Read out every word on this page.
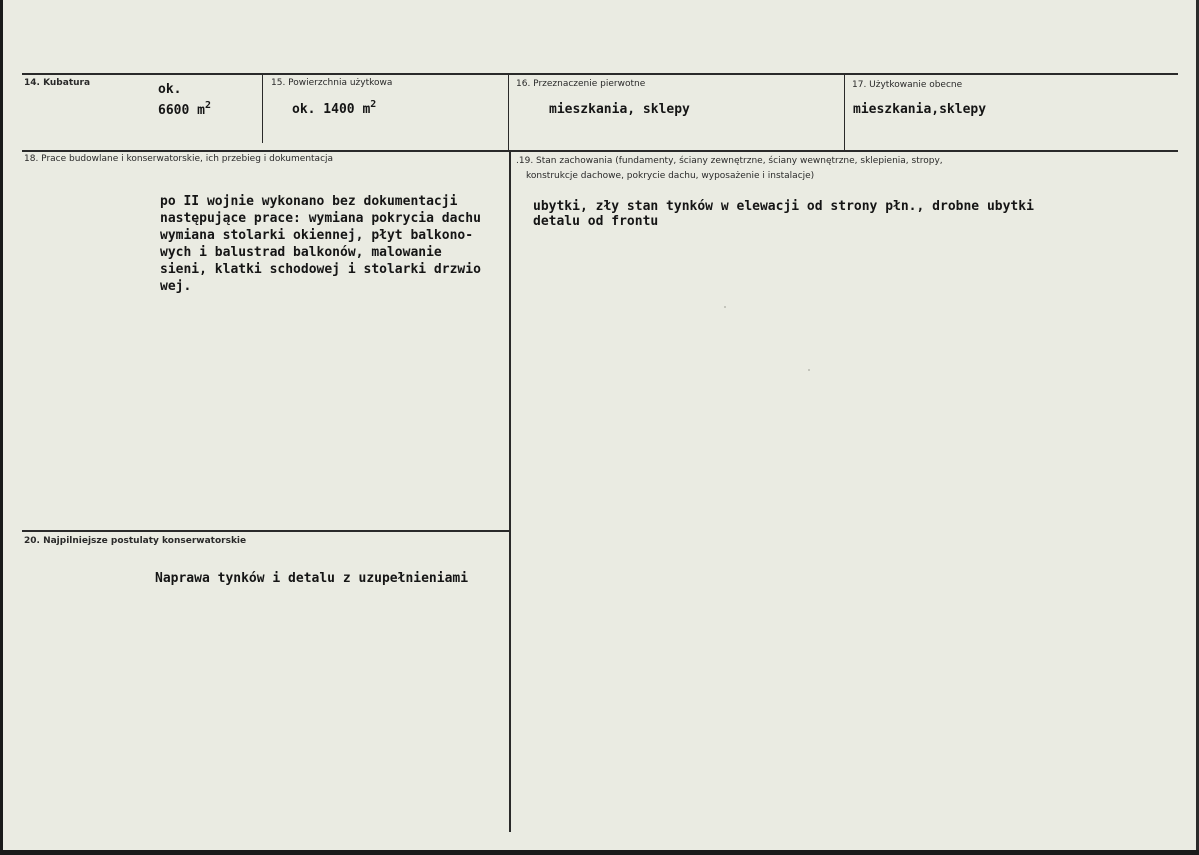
14. Kubatura	ok.
6600 $m^2$
15. Powierzchnia użytkowa
ok. 1400 $m^2$
16. Przeznaczenie pierwotne
mieszkania, sklepy
17. Użytkowanie obecne
mieszkania,sklepy
18. Prace budowlane i konserwatorskie, ich przebieg i dokumentacja
po II wojnie wykonano bez dokumentacji
następujące prace: wymiana pokrycia dachu
wymiana stolarki okiennej, płyt balkono-
wych i balustrad balkonów, malowanie
sieni, klatki schodowej i stolarki drzwio
wej.
.19. Stan zachowania (fundamenty, ściany zewnętrzne, ściany wewnętrzne, sklepienia, stropy,
konstrukcje dachowe, pokrycie dachu, wyposażenie i instalacje)
ubytki, zły stan tynków w elewacji od strony płn., drobne ubytki
detalu od frontu
20. Najpilniejsze postulaty konserwatorskie
Naprawa tynków i detalu z uzupełnieniami
